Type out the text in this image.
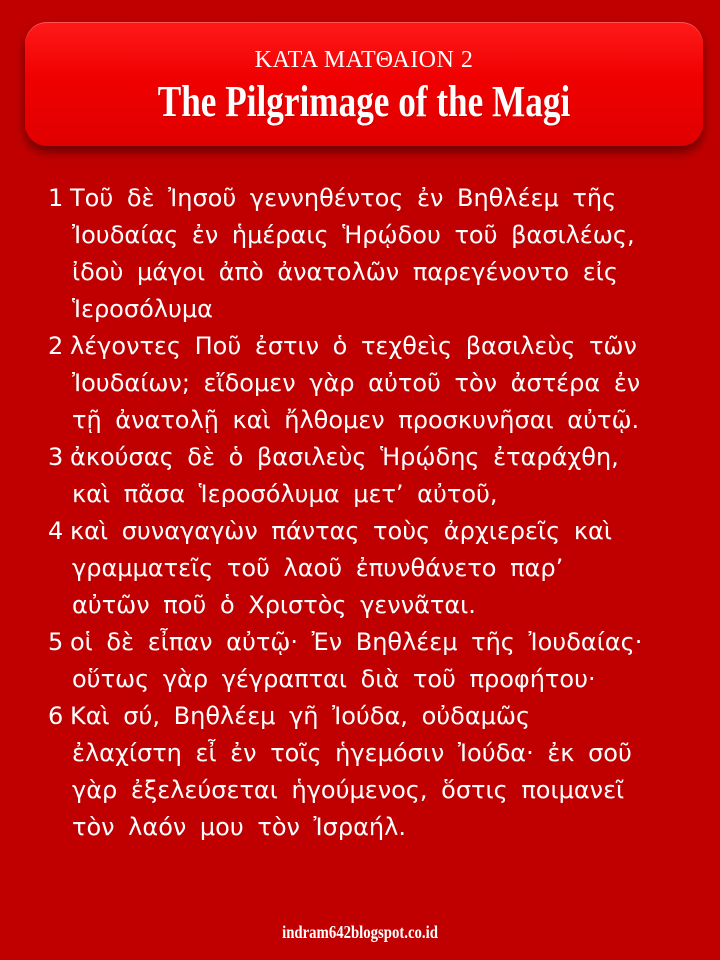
ΚΑΤΑ ΜΑΤΘΑΙΟΝ 2
The Pilgrimage of the Magi
1 Τοῦ δὲ Ἰησοῦ γεννηθέντος ἐν Βηθλέεμ τῆς
Ἰουδαίας ἐν ἡμέραις Ἡρῴδου τοῦ βασιλέως,
ἰδοὺ μάγοι ἀπὸ ἀνατολῶν παρεγένοντο εἰς
Ἱεροσόλυμα
2 λέγοντες Ποῦ ἐστιν ὁ τεχθεὶς βασιλεὺς τῶν
Ἰουδαίων; εἴδομεν γὰρ αὐτοῦ τὸν ἀστέρα ἐν
τῇ ἀνατολῇ καὶ ἤλθομεν προσκυνῆσαι αὐτῷ.
3 ἀκούσας δὲ ὁ βασιλεὺς Ἡρῴδης ἐταράχθη,
καὶ πᾶσα Ἱεροσόλυμα μετ’ αὐτοῦ,
4 καὶ συναγαγὼν πάντας τοὺς ἀρχιερεῖς καὶ
γραμματεῖς τοῦ λαοῦ ἐπυνθάνετο παρ’
αὐτῶν ποῦ ὁ Χριστὸς γεννᾶται.
5 οἱ δὲ εἶπαν αὐτῷ· Ἐν Βηθλέεμ τῆς Ἰουδαίας·
οὕτως γὰρ γέγραπται διὰ τοῦ προφήτου·
6 Καὶ σύ, Βηθλέεμ γῆ Ἰούδα, οὐδαμῶς
ἐλαχίστη εἶ ἐν τοῖς ἡγεμόσιν Ἰούδα· ἐκ σοῦ
γὰρ ἐξελεύσεται ἡγούμενος, ὅστις ποιμανεῖ
τὸν λαόν μου τὸν Ἰσραήλ.
indram642blogspot.co.id
